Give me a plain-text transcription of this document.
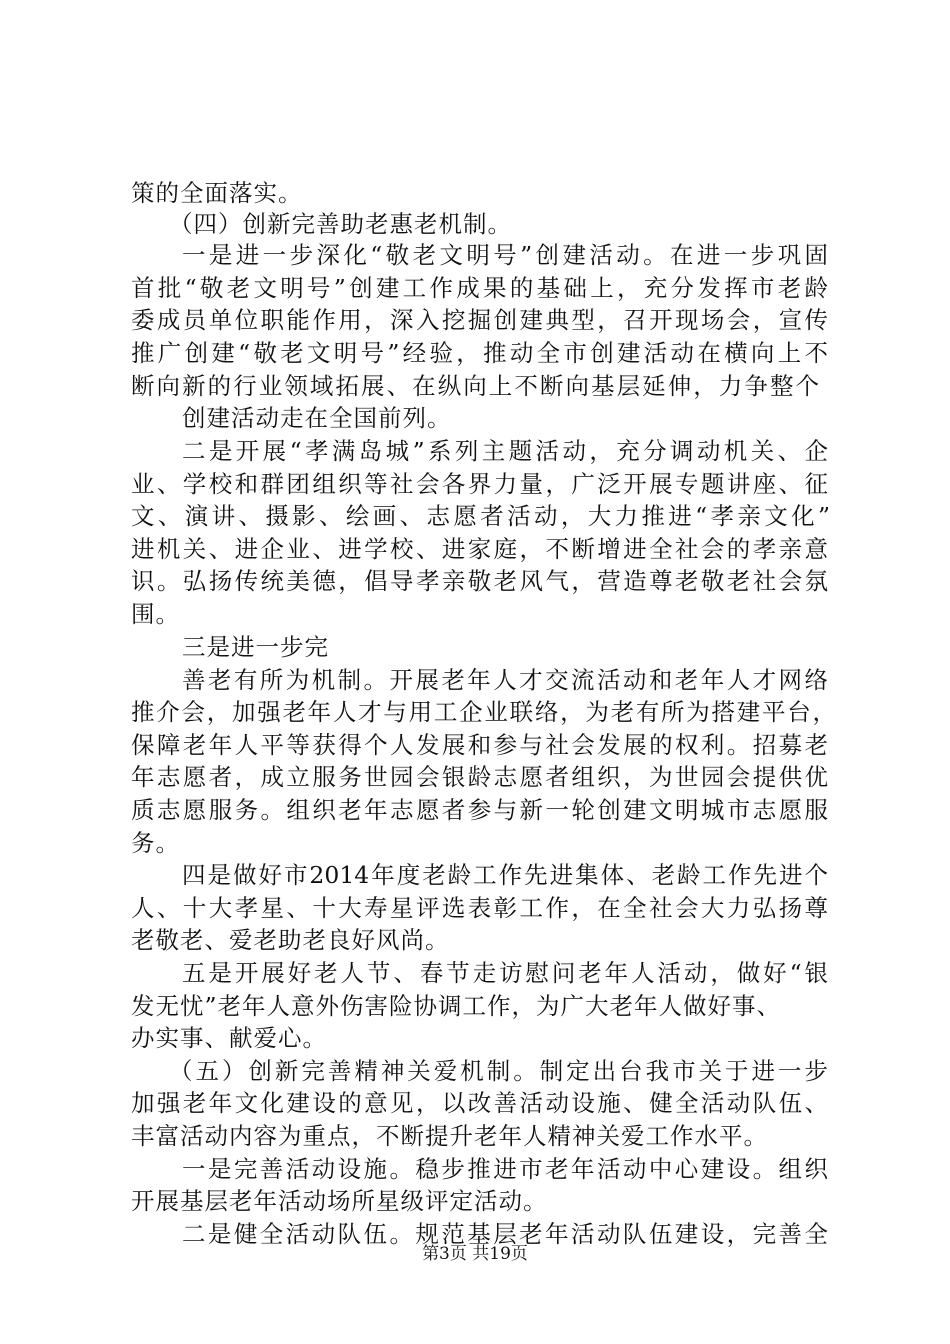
策的全面落实。
（四）创新完善助老惠老机制。
一是进一步深化“敬老文明号”创建活动。在进一步巩固
首批“敬老文明号”创建工作成果的基础上，充分发挥市老龄
委成员单位职能作用，深入挖掘创建典型，召开现场会，宣传
推广创建“敬老文明号”经验，推动全市创建活动在横向上不
断向新的行业领域拓展、在纵向上不断向基层延伸，力争整个
创建活动走在全国前列。
二是开展“孝满岛城”系列主题活动，充分调动机关、企
业、学校和群团组织等社会各界力量，广泛开展专题讲座、征
文、演讲、摄影、绘画、志愿者活动，大力推进“孝亲文化”
进机关、进企业、进学校、进家庭，不断增进全社会的孝亲意
识。弘扬传统美德，倡导孝亲敬老风气，营造尊老敬老社会氛
围。
三是进一步完
善老有所为机制。开展老年人才交流活动和老年人才网络
推介会，加强老年人才与用工企业联络，为老有所为搭建平台，
保障老年人平等获得个人发展和参与社会发展的权利。招募老
年志愿者，成立服务世园会银龄志愿者组织，为世园会提供优
质志愿服务。组织老年志愿者参与新一轮创建文明城市志愿服
务。
四是做好市2014年度老龄工作先进集体、老龄工作先进个
人、十大孝星、十大寿星评选表彰工作，在全社会大力弘扬尊
老敬老、爱老助老良好风尚。
五是开展好老人节、春节走访慰问老年人活动，做好“银
发无忧”老年人意外伤害险协调工作，为广大老年人做好事、
办实事、献爱心。
（五）创新完善精神关爱机制。制定出台我市关于进一步
加强老年文化建设的意见，以改善活动设施、健全活动队伍、
丰富活动内容为重点，不断提升老年人精神关爱工作水平。
一是完善活动设施。稳步推进市老年活动中心建设。组织
开展基层老年活动场所星级评定活动。
二是健全活动队伍。规范基层老年活动队伍建设，完善全
第3页 共19页
